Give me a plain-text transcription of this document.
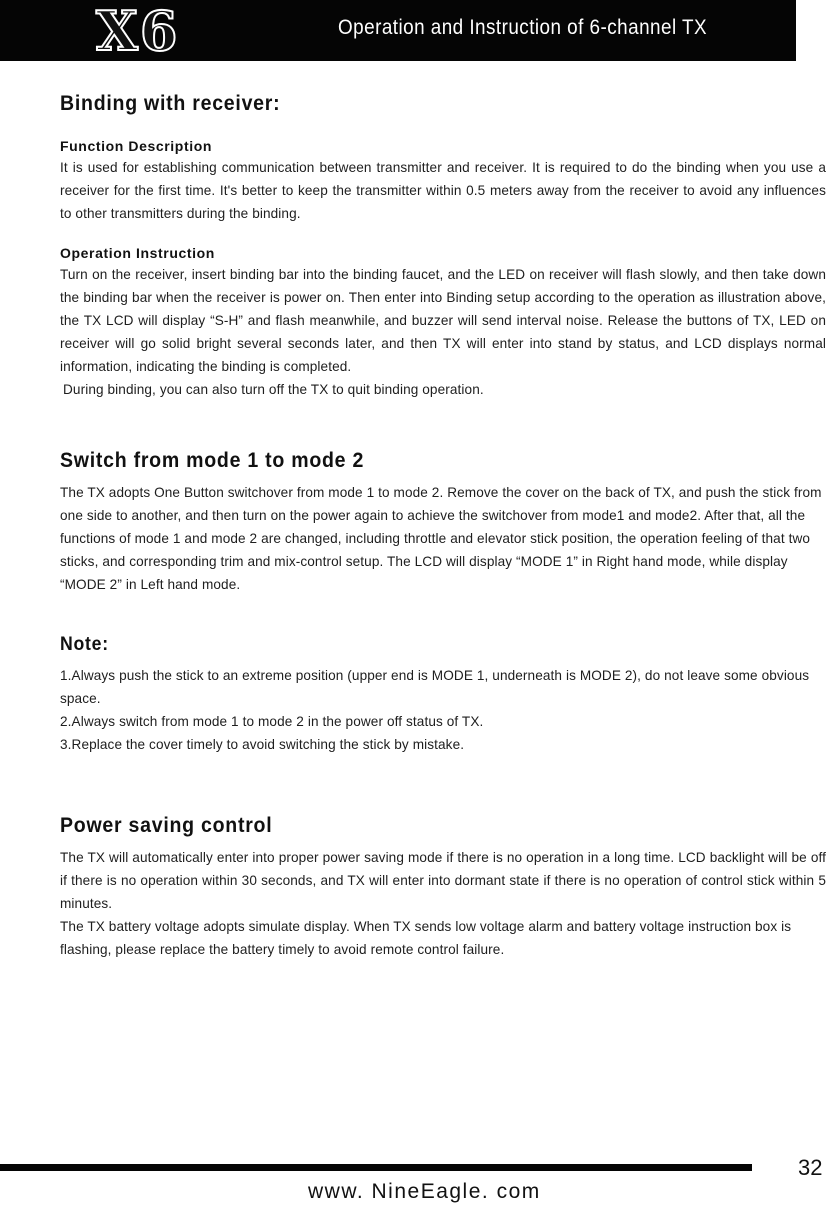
X6	Operation and Instruction of 6-channel TX
Binding with receiver:
Function Description

It is used for establishing communication between transmitter and receiver. It is required to do the binding when you use a receiver for the first time. It's better to keep the transmitter within 0.5 meters away from the receiver to avoid any influences to other transmitters during the binding.

Operation Instruction

Turn on the receiver, insert binding bar into the binding faucet, and the LED on receiver will flash slowly, and then take down the binding bar when the receiver is power on. Then enter into Binding setup according to the operation as illustration above, the TX LCD will display “S-H” and flash meanwhile, and buzzer will send interval noise. Release the buttons of TX, LED on receiver will go solid bright several seconds later, and then TX will enter into stand by status, and LCD displays normal information, indicating the binding is completed.

During binding, you can also turn off the TX to quit binding operation.

Switch from mode 1 to mode 2

The TX adopts One Button switchover from mode 1 to mode 2. Remove the cover on the back of TX, and push the stick from one side to another, and then turn on the power again to achieve the switchover from mode1 and mode2. After that, all the functions of mode 1 and mode 2 are changed, including throttle and elevator stick position, the operation feeling of that two sticks, and corresponding trim and mix-control setup. The LCD will display “MODE 1” in Right hand mode, while display “MODE 2” in Left hand mode.

Note:

1.Always push the stick to an extreme position (upper end is MODE 1, underneath is MODE 2), do not leave some obvious space.

2.Always switch from mode 1 to mode 2 in the power off status of TX.

3.Replace the cover timely to avoid switching the stick by mistake.

Power saving control

The TX will automatically enter into proper power saving mode if there is no operation in a long time. LCD backlight will be off if there is no operation within 30 seconds, and TX will enter into dormant state if there is no operation of control stick within 5 minutes.

The TX battery voltage adopts simulate display. When TX sends low voltage alarm and battery voltage instruction box is flashing, please replace the battery timely to avoid remote control failure.

32
www. NineEagle. com
